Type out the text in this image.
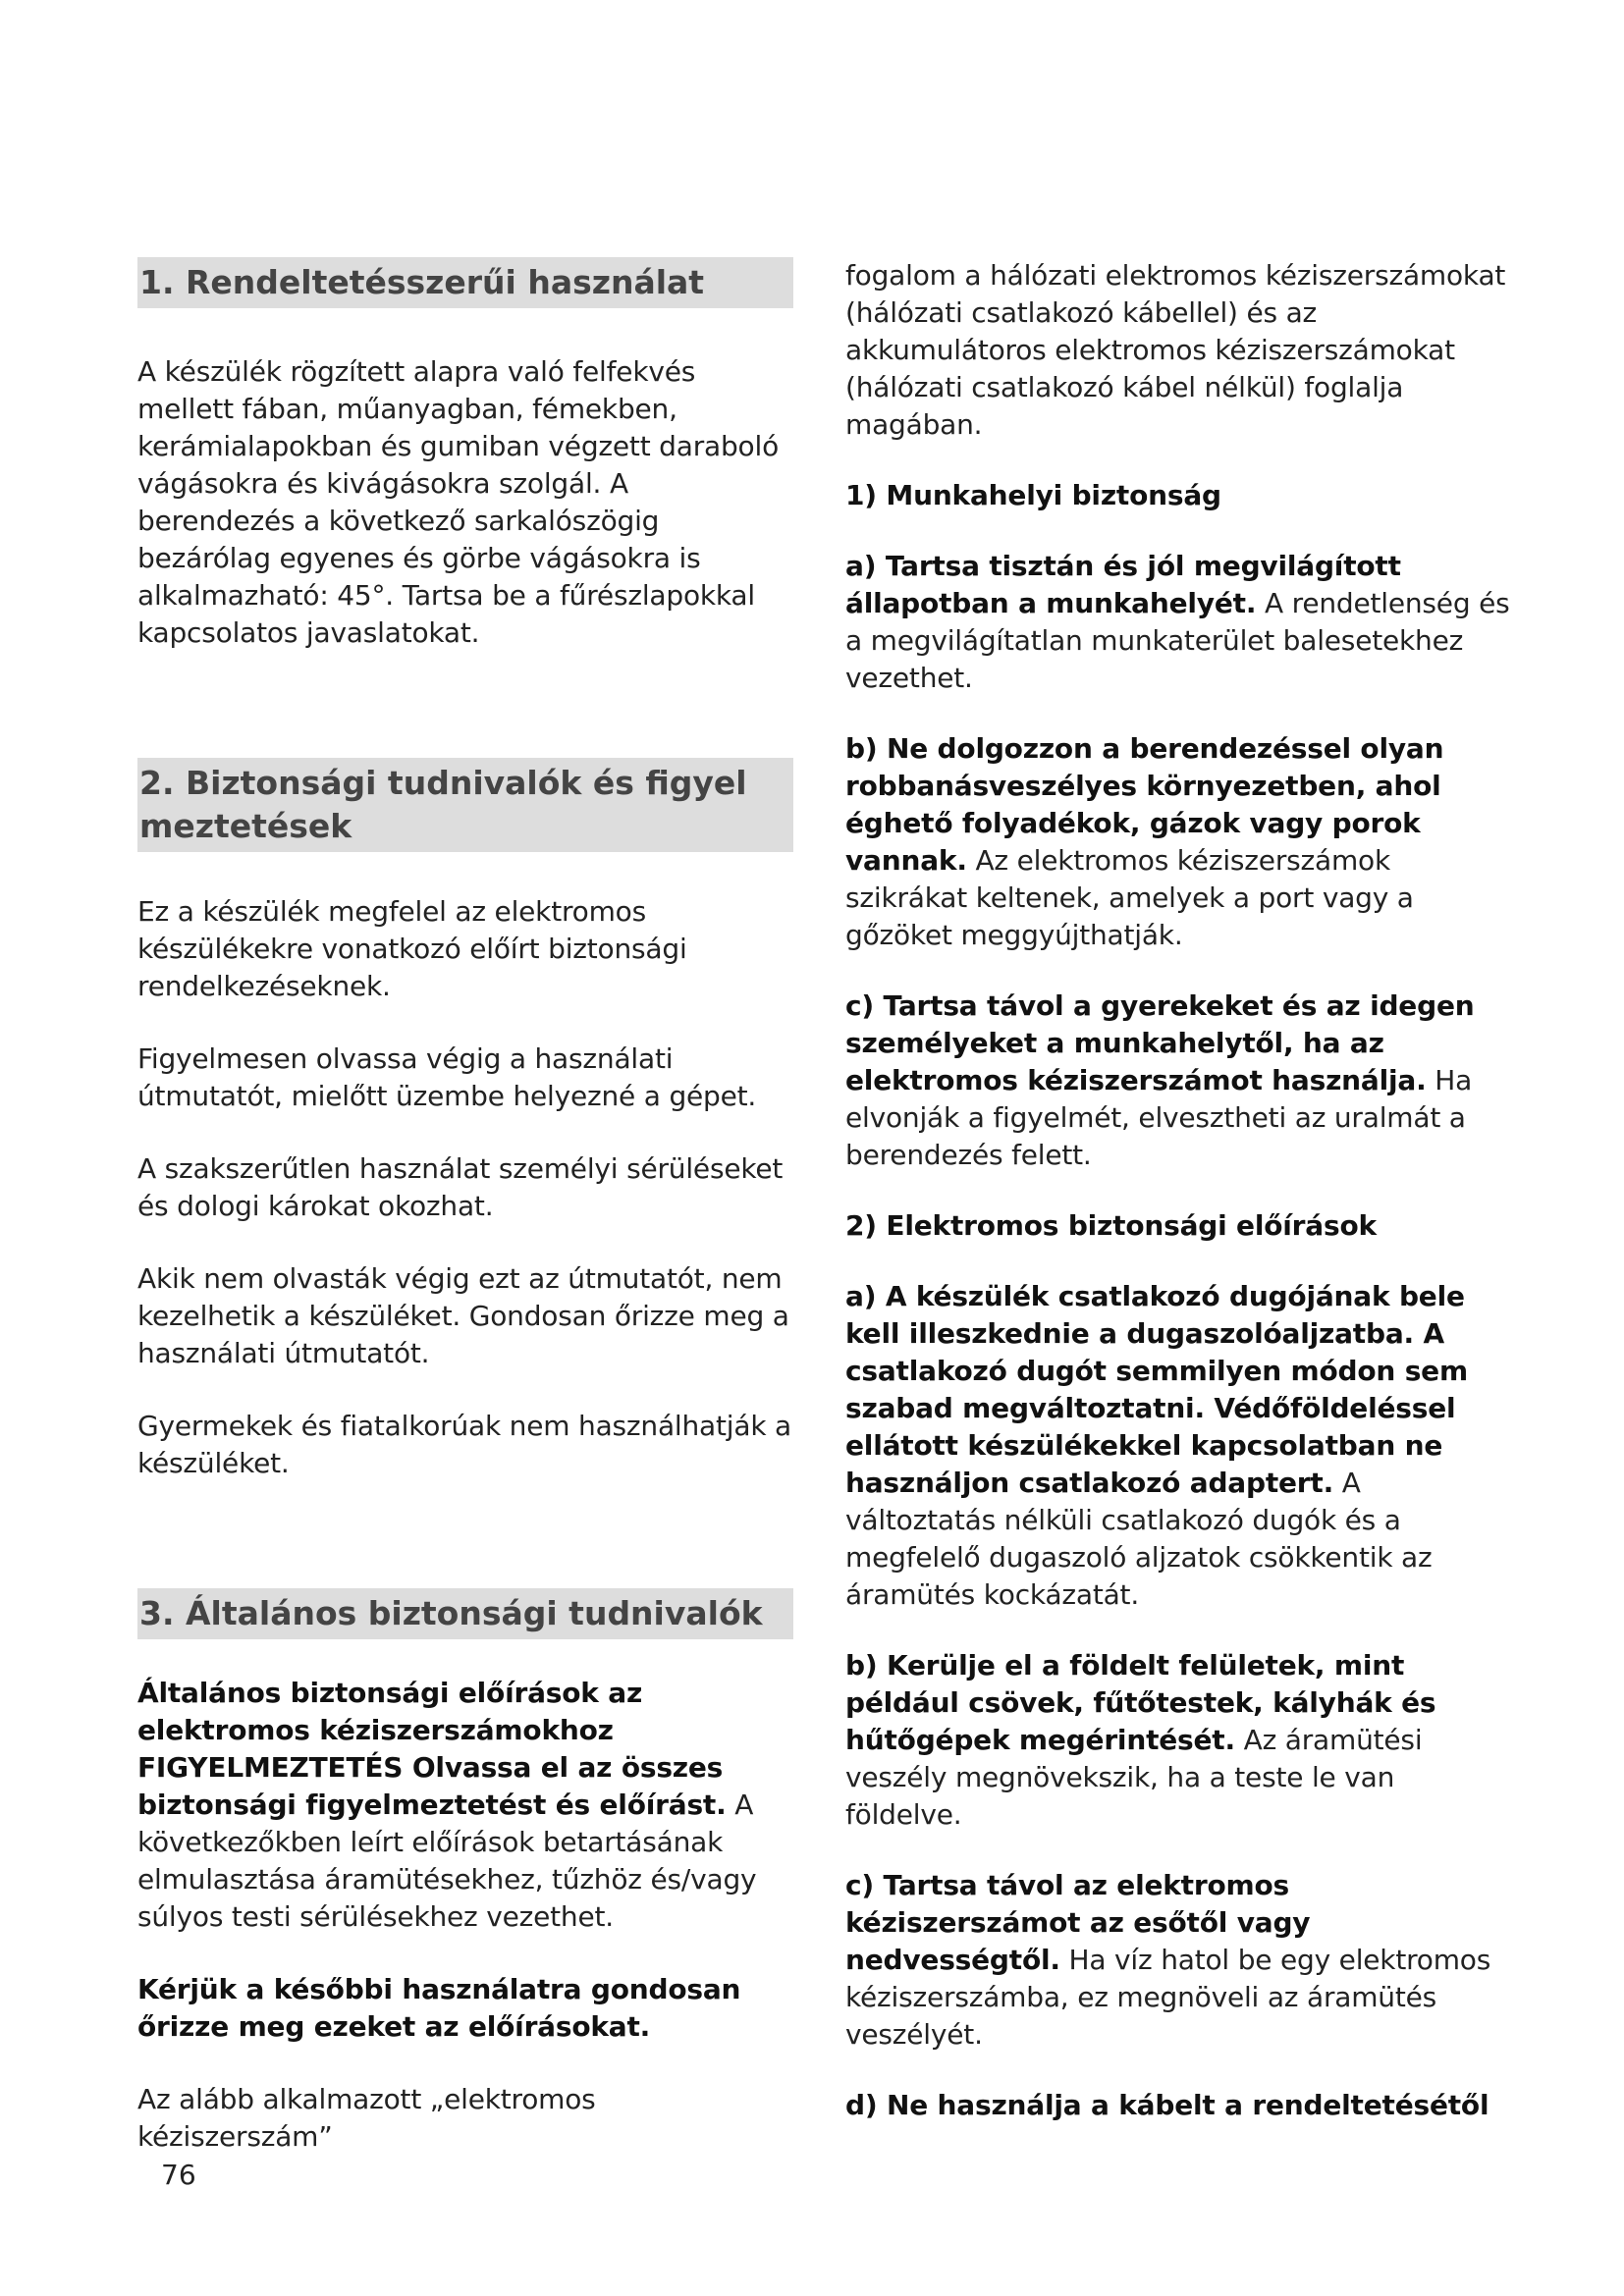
1. Rendeltetésszerűi használat

A készülék rögzített alapra való felfekvés mellett fában, műanyagban, fémekben, kerámialapokban és gumiban végzett daraboló vágásokra és kivágásokra szolgál. A berendezés a következő sarkalószögig bezárólag egyenes és görbe vágásokra is alkalmazható: 45°. Tartsa be a fűrészlapokkal kapcsolatos javaslatokat.

2. Biztonsági tudnivalók és figyel meztetések

Ez a készülék megfelel az elektromos készülékekre vonatkozó előírt biztonsági rendelkezéseknek.

Figyelmesen olvassa végig a használati útmutatót, mielőtt üzembe helyezné a gépet.

A szakszerűtlen használat személyi sérüléseket és dologi károkat okozhat.

Akik nem olvasták végig ezt az útmutatót, nem kezelhetik a készüléket. Gondosan őrizze meg a használati útmutatót.

Gyermekek és fiatalkorúak nem használhatják a készüléket.

3. Általános biztonsági tudnivalók

Általános biztonsági előírások az elektromos kéziszerszámokhoz FIGYELMEZTETÉS Olvassa el az összes biztonsági figyelmeztetést és előírást. A következőkben leírt előírások betartásának elmulasztása áramütésekhez, tűzhöz és/vagy súlyos testi sérülésekhez vezethet.

Kérjük a későbbi használatra gondosan őrizze meg ezeket az előírásokat.

Az alább alkalmazott „elektromos kéziszerszám”

fogalom a hálózati elektromos kéziszerszámokat (hálózati csatlakozó kábellel) és az akkumulátoros elektromos kéziszerszámokat (hálózati csatlakozó kábel nélkül) foglalja magában.

1) Munkahelyi biztonság

a) Tartsa tisztán és jól megvilágított állapotban a munkahelyét. A rendetlenség és a megvilágítatlan munkaterület balesetekhez vezethet.

b) Ne dolgozzon a berendezéssel olyan robbanásveszélyes környezetben, ahol éghető folyadékok, gázok vagy porok vannak. Az elektromos kéziszerszámok szikrákat keltenek, amelyek a port vagy a gőzöket meggyújthatják.

c) Tartsa távol a gyerekeket és az idegen személyeket a munkahelytől, ha az elektromos kéziszerszámot használja. Ha elvonják a figyelmét, elvesztheti az uralmát a berendezés felett.

2) Elektromos biztonsági előírások

a) A készülék csatlakozó dugójának bele kell illeszkednie a dugaszolóaljzatba. A csatlakozó dugót semmilyen módon sem szabad megváltoztatni. Védőföldeléssel ellátott készülékekkel kapcsolatban ne használjon csatlakozó adaptert. A változtatás nélküli csatlakozó dugók és a megfelelő dugaszoló aljzatok csökkentik az áramütés kockázatát.

b) Kerülje el a földelt felületek, mint például csövek, fűtőtestek, kályhák és hűtőgépek megérintését. Az áramütési veszély megnövekszik, ha a teste le van földelve.

c) Tartsa távol az elektromos kéziszerszámot az esőtől vagy nedvességtől. Ha víz hatol be egy elektromos kéziszerszámba, ez megnöveli az áramütés veszélyét.

d) Ne használja a kábelt a rendeltetésétől

76
